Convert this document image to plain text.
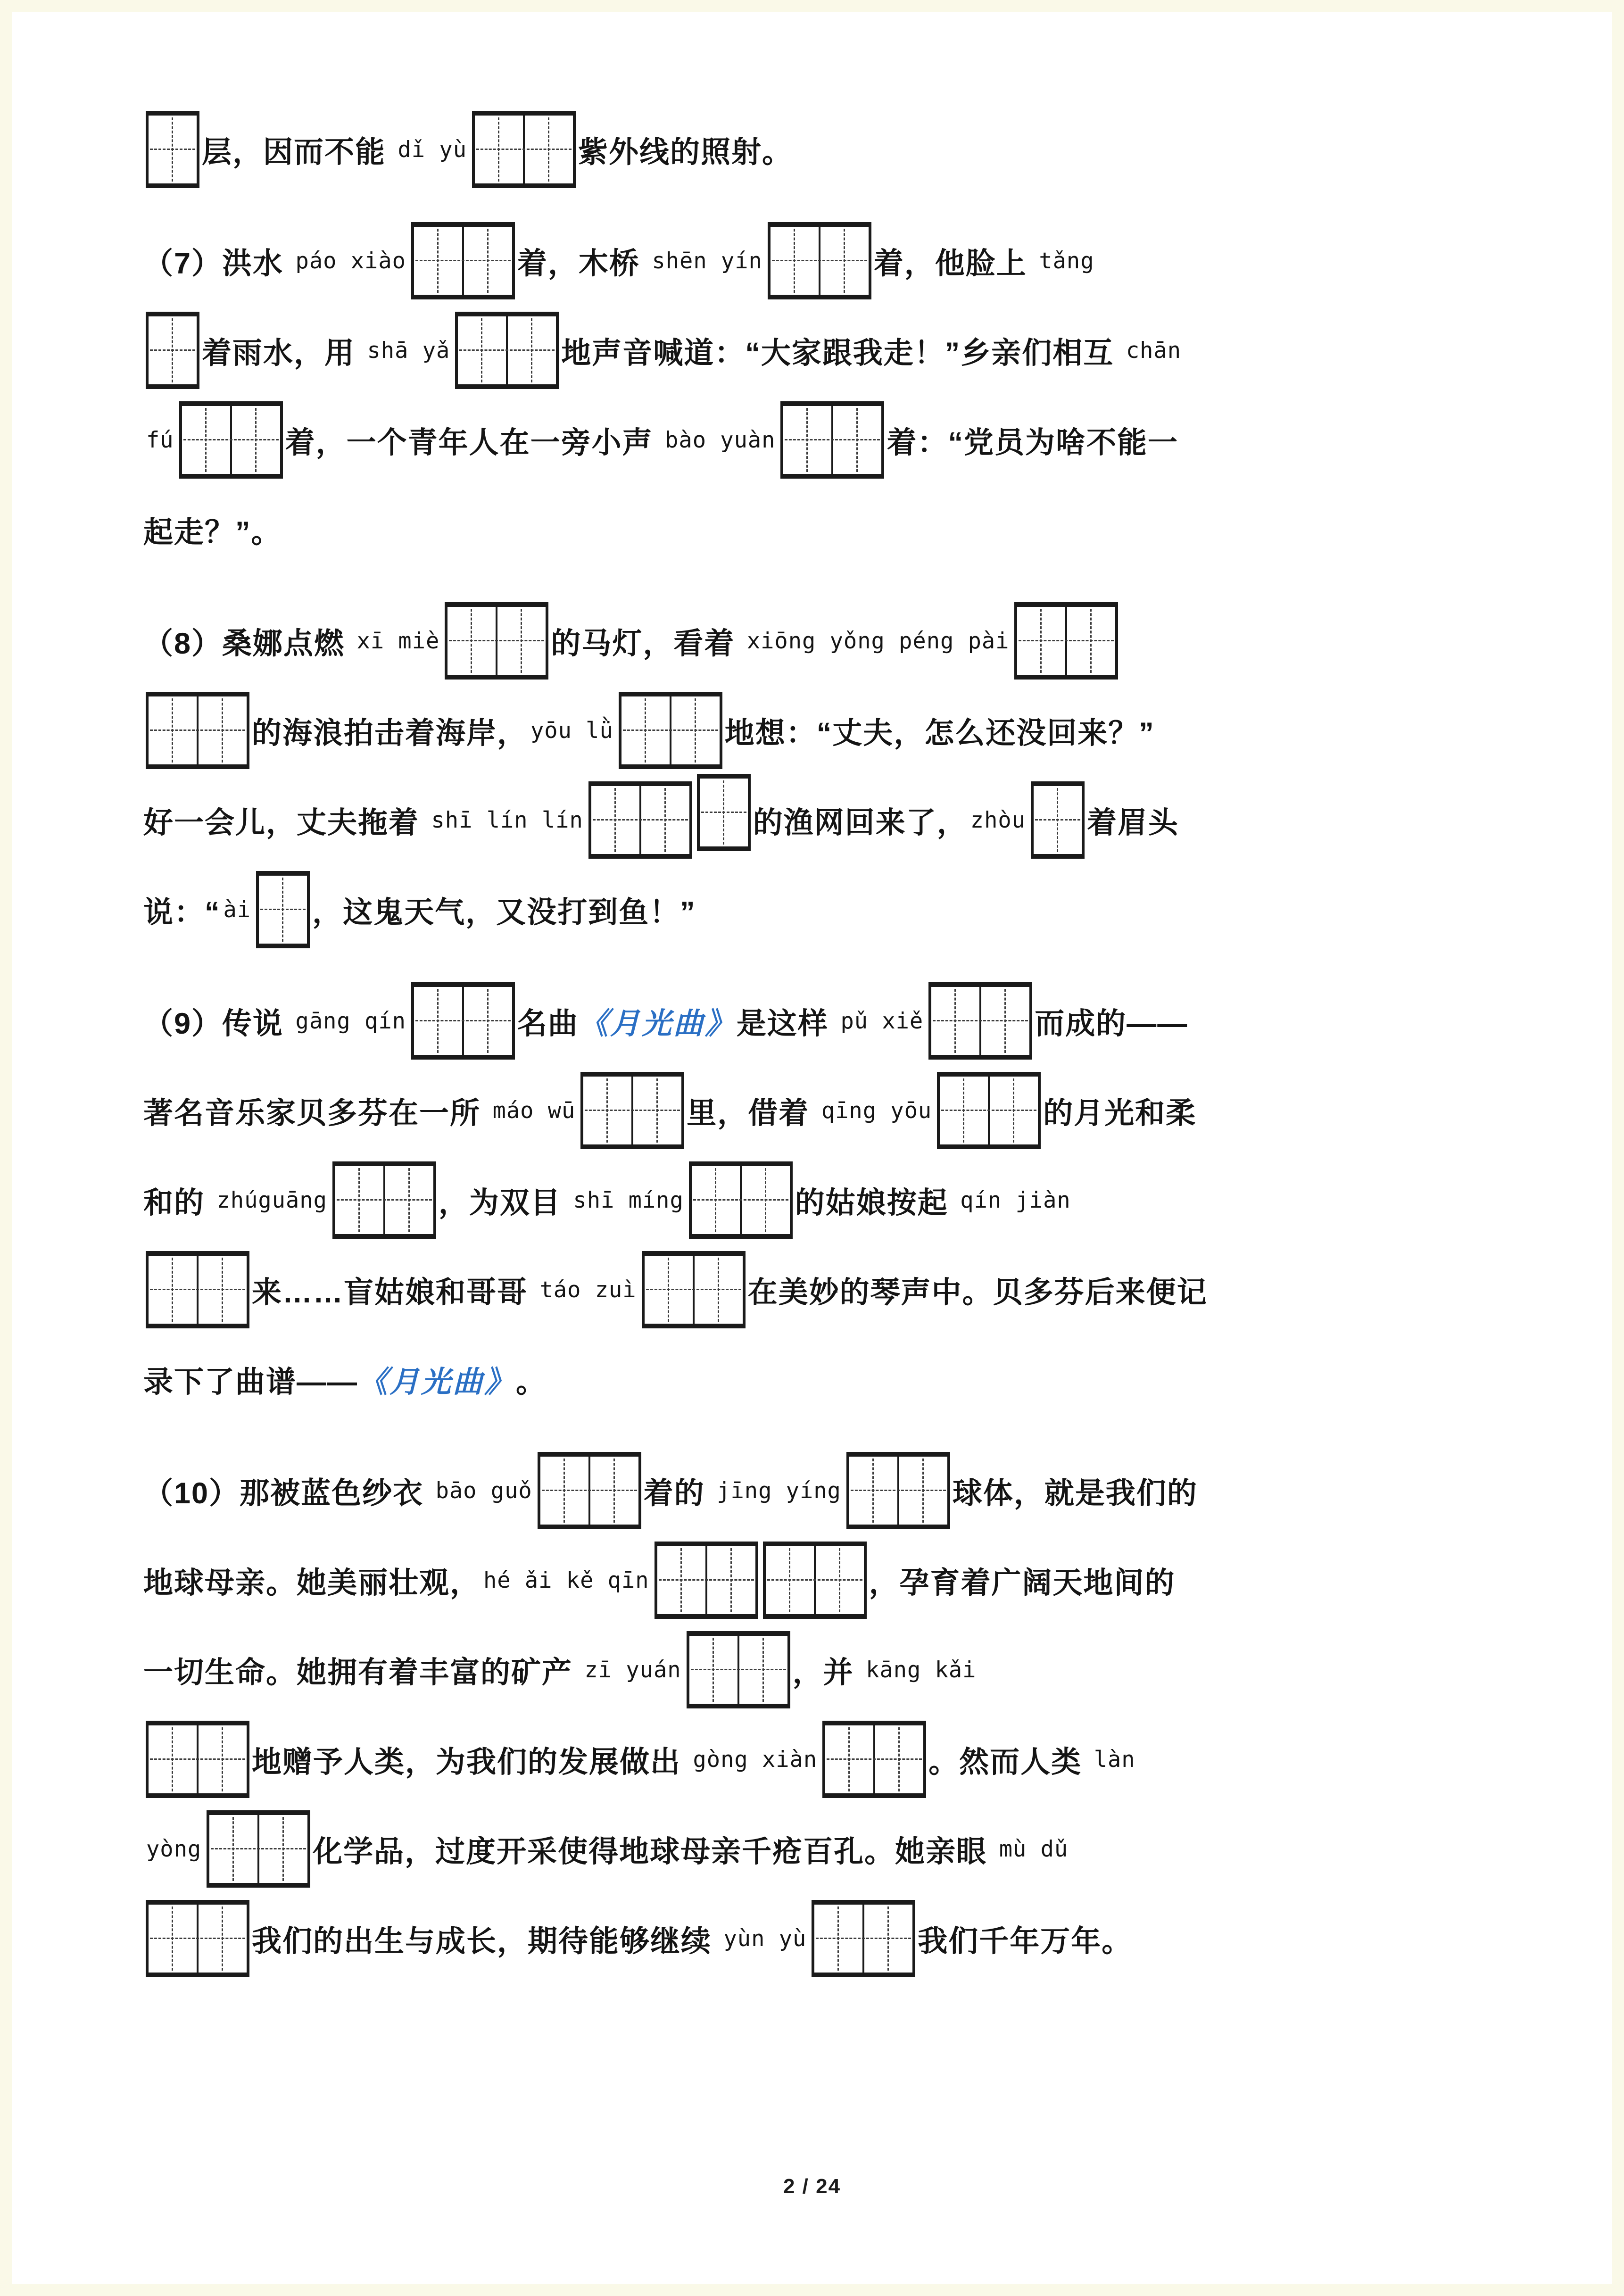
层，因而不能 dǐ yù	紫外线的照射。
（7）洪水 páo xiào	着，木桥 shēn yín	着，他脸上 tǎng
着雨水，用 shā yǎ	地声音喊道：“大家跟我走！”乡亲们相互 chān
fú	着，一个青年人在一旁小声 bào yuàn	着：“党员为啥不能一
起走？”。
（8）桑娜点燃 xī miè	的马灯，看着 xiōng yǒng péng pài
的海浪拍击着海岸， yōu lǜ	地想：“丈夫，怎么还没回来？”
好一会儿，丈夫拖着 shī lín lín	的渔网回来了， zhòu 着眉头
说：“ ài ，这鬼天气，又没打到鱼！”
（9）传说 gāng qín	名曲 《月光曲》 是这样 pǔ xiě	而成的——
著名音乐家贝多芬在一所 máo wū	里，借着 qīng yōu	的月光和柔
和的 zhúguāng	，为双目 shī míng	的姑娘按起 qín jiàn
来……盲姑娘和哥哥 táo zuì	在美妙的琴声中。贝多芬后来便记
录下了曲谱—— 《月光曲》 。
（10）那被蓝色纱衣 bāo guǒ	着的 jīng yíng	球体，就是我们的
地球母亲。她美丽壮观， hé ǎi kě qīn	，孕育着广阔天地间的
一切生命。她拥有着丰富的矿产 zī yuán	，并 kāng kǎi
地赠予人类，为我们的发展做出 gòng xiàn	。然而人类 làn
yòng	化学品，过度开采使得地球母亲千疮百孔。她亲眼 mù dǔ
我们的出生与成长，期待能够继续 yùn yù	我们千年万年。
2 / 24
